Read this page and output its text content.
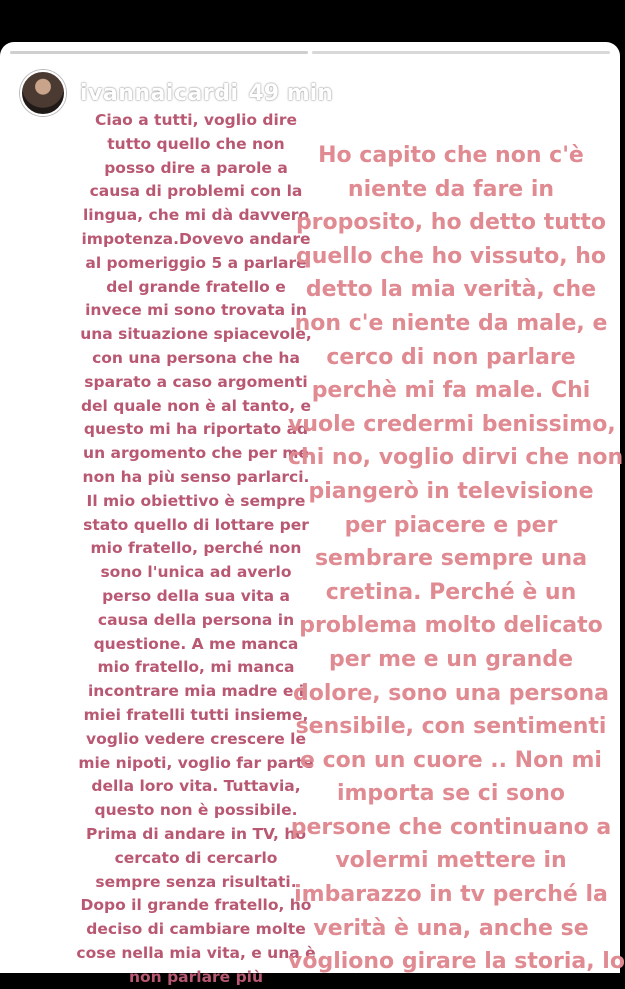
ivannaicardi 49 min
Ciao a tutti, voglio dire
tutto quello che non
posso dire a parole a
causa di problemi con la
lingua, che mi dà davvero
impotenza.Dovevo andare
al pomeriggio 5 a parlare
del grande fratello e
invece mi sono trovata in
una situazione spiacevole,
con una persona che ha
sparato a caso argomenti
del quale non è al tanto, e
questo mi ha riportato ad
un argomento che per me
non ha più senso parlarci.
Il mio obiettivo è sempre
stato quello di lottare per
mio fratello, perché non
sono l'unica ad averlo
perso della sua vita a
causa della persona in
questione. A me manca
mio fratello, mi manca
incontrare mia madre e i
miei fratelli tutti insieme,
voglio vedere crescere le
mie nipoti, voglio far parte
della loro vita. Tuttavia,
questo non è possibile.
Prima di andare in TV, ho
cercato di cercarlo
sempre senza risultati.
Dopo il grande fratello, ho
deciso di cambiare molte
cose nella mia vita, e una è
non parlare più
Ho capito che non c'è
niente da fare in
proposito, ho detto tutto
quello che ho vissuto, ho
detto la mia verità, che
non c'e niente da male, e
cerco di non parlare
perchè mi fa male. Chi
vuole credermi benissimo,
chi no, voglio dirvi che non
piangerò in televisione
per piacere e per
sembrare sempre una
cretina. Perché è un
problema molto delicato
per me e un grande
dolore, sono una persona
sensibile, con sentimenti
e con un cuore .. Non mi
importa se ci sono
persone che continuano a
volermi mettere in
imbarazzo in tv perché la
verità è una, anche se
vogliono girare la storia, lo
